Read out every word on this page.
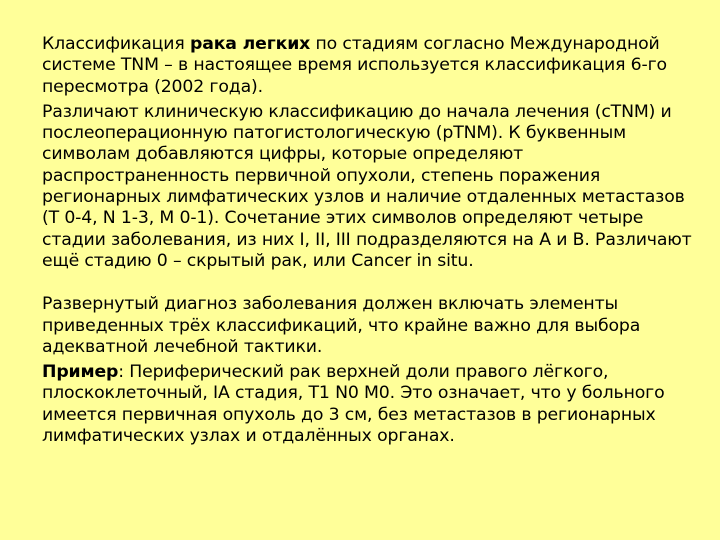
Классификация рака легких по стадиям согласно Международной системе TNM – в настоящее время используется классификация 6-го пересмотра (2002 года).

Различают клиническую классификацию до начала лечения (cTNM) и послеоперационную патогистологическую (pTNM). К буквенным символам добавляются цифры, которые определяют распространенность первичной опухоли, степень поражения регионарных лимфатических узлов и наличие отдаленных метастазов (Т 0-4, N 1-3, M 0-1). Сочетание этих символов определяют четыре стадии заболевания, из них I, II, III подразделяются на А и В. Различают ещё стадию 0 – скрытый рак, или Cancer in situ.

Развернутый диагноз заболевания должен включать элементы приведенных трёх классификаций, что крайне важно для выбора адекватной лечебной тактики.

Пример: Периферический рак верхней доли правого лёгкого, плоскоклеточный, IА стадия, Т1 N0 M0. Это означает, что у больного имеется первичная опухоль до 3 см, без метастазов в регионарных лимфатических узлах и отдалённых органах.
